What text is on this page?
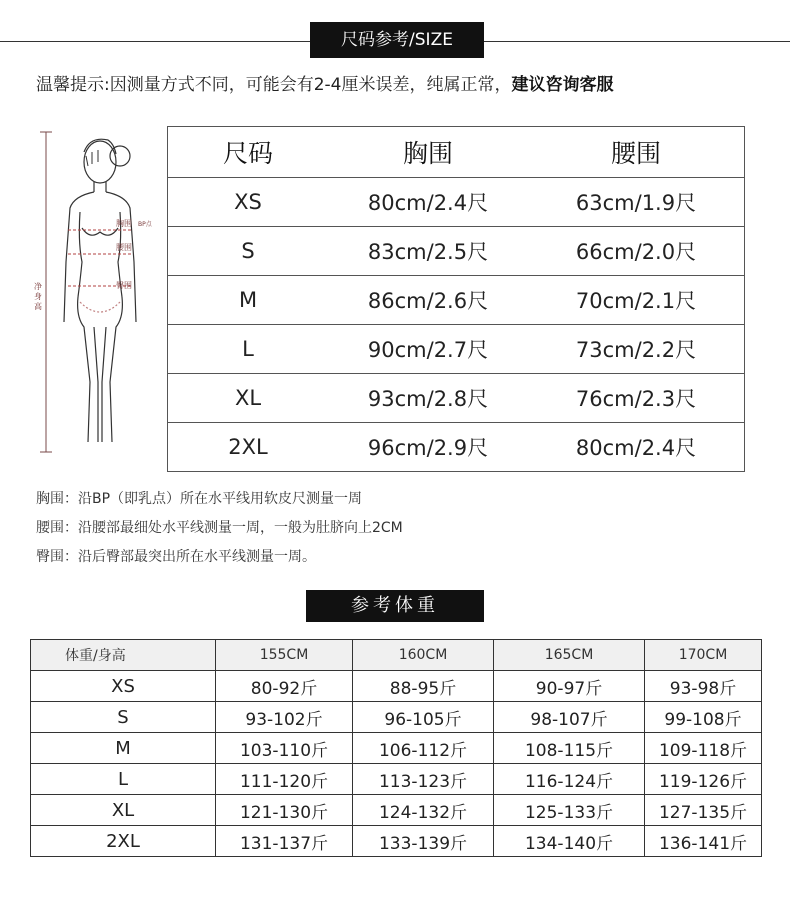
尺码参考/SIZE
温馨提示:因测量方式不同，可能会有2-4厘米误差，纯属正常，建议咨询客服
胸围 BP点
腰围
臀围
净身高
尺码	胸围	腰围
XS	80cm/2.4尺	63cm/1.9尺
S	83cm/2.5尺	66cm/2.0尺
M	86cm/2.6尺	70cm/2.1尺
L	90cm/2.7尺	73cm/2.2尺
XL	93cm/2.8尺	76cm/2.3尺
2XL	96cm/2.9尺	80cm/2.4尺
胸围：沿BP（即乳点）所在水平线用软皮尺测量一周
腰围：沿腰部最细处水平线测量一周，一般为肚脐向上2CM
臀围：沿后臀部最突出所在水平线测量一周。
参考体重
体重/身高	155CM	160CM	165CM	170CM
XS	80-92斤	88-95斤	90-97斤	93-98斤
S	93-102斤	96-105斤	98-107斤	99-108斤
M	103-110斤	106-112斤	108-115斤	109-118斤
L	111-120斤	113-123斤	116-124斤	119-126斤
XL	121-130斤	124-132斤	125-133斤	127-135斤
2XL	131-137斤	133-139斤	134-140斤	136-141斤
